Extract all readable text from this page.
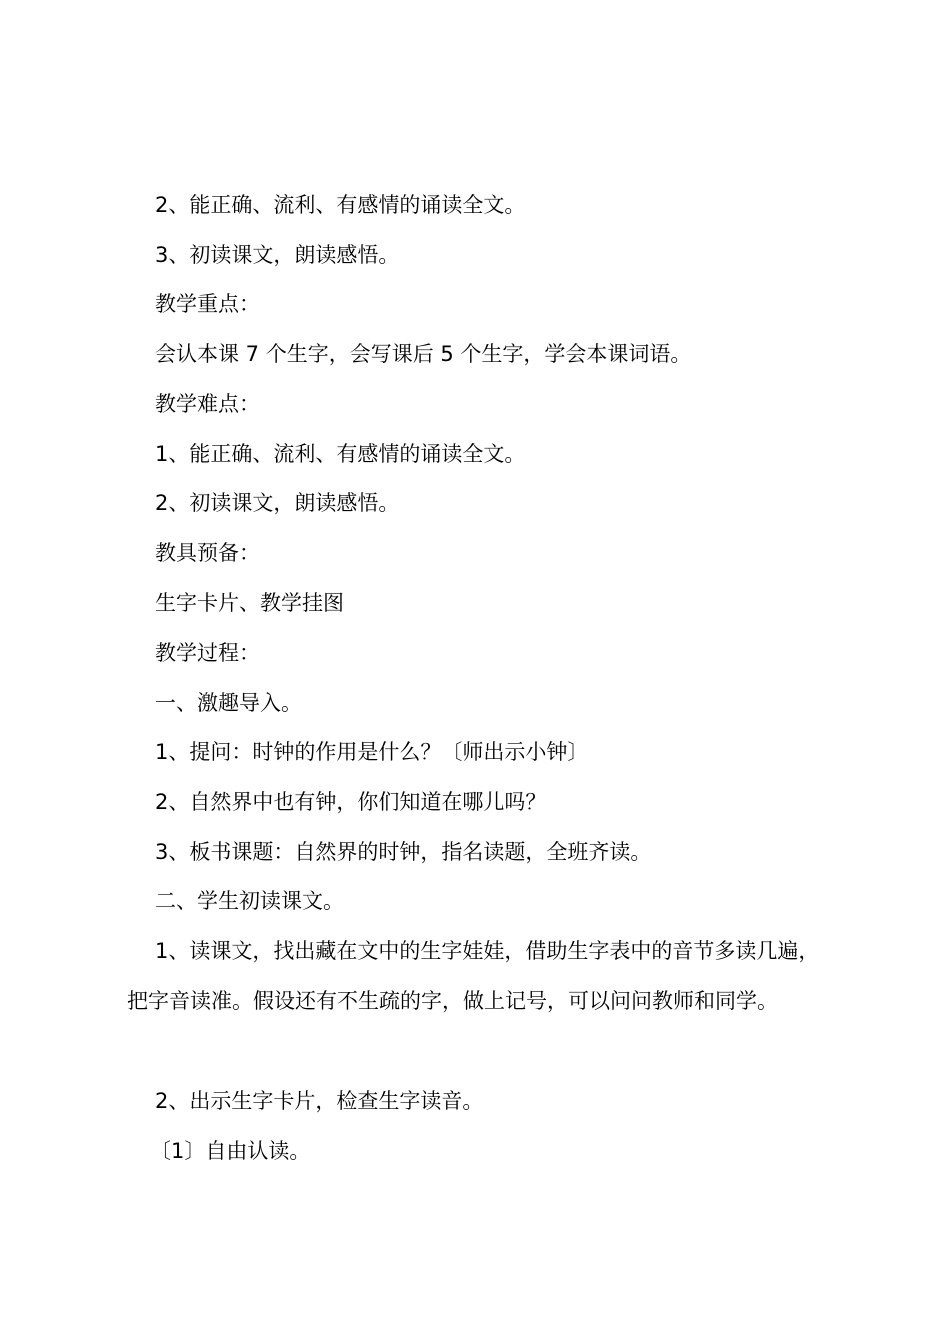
2、能正确、流利、有感情的诵读全文。
3、初读课文，朗读感悟。
教学重点：
会认本课 7 个生字，会写课后 5 个生字，学会本课词语。
教学难点：
1、能正确、流利、有感情的诵读全文。
2、初读课文，朗读感悟。
教具预备：
生字卡片、教学挂图
教学过程：
一、激趣导入。
1、提问：时钟的作用是什么？〔师出示小钟〕
2、自然界中也有钟，你们知道在哪儿吗？
3、板书课题：自然界的时钟，指名读题，全班齐读。
二、学生初读课文。
1、读课文，找出藏在文中的生字娃娃，借助生字表中的音节多读几遍，把字音读准。假设还有不生疏的字，做上记号，可以问问教师和同学。
2、出示生字卡片，检查生字读音。
〔1〕自由认读。
